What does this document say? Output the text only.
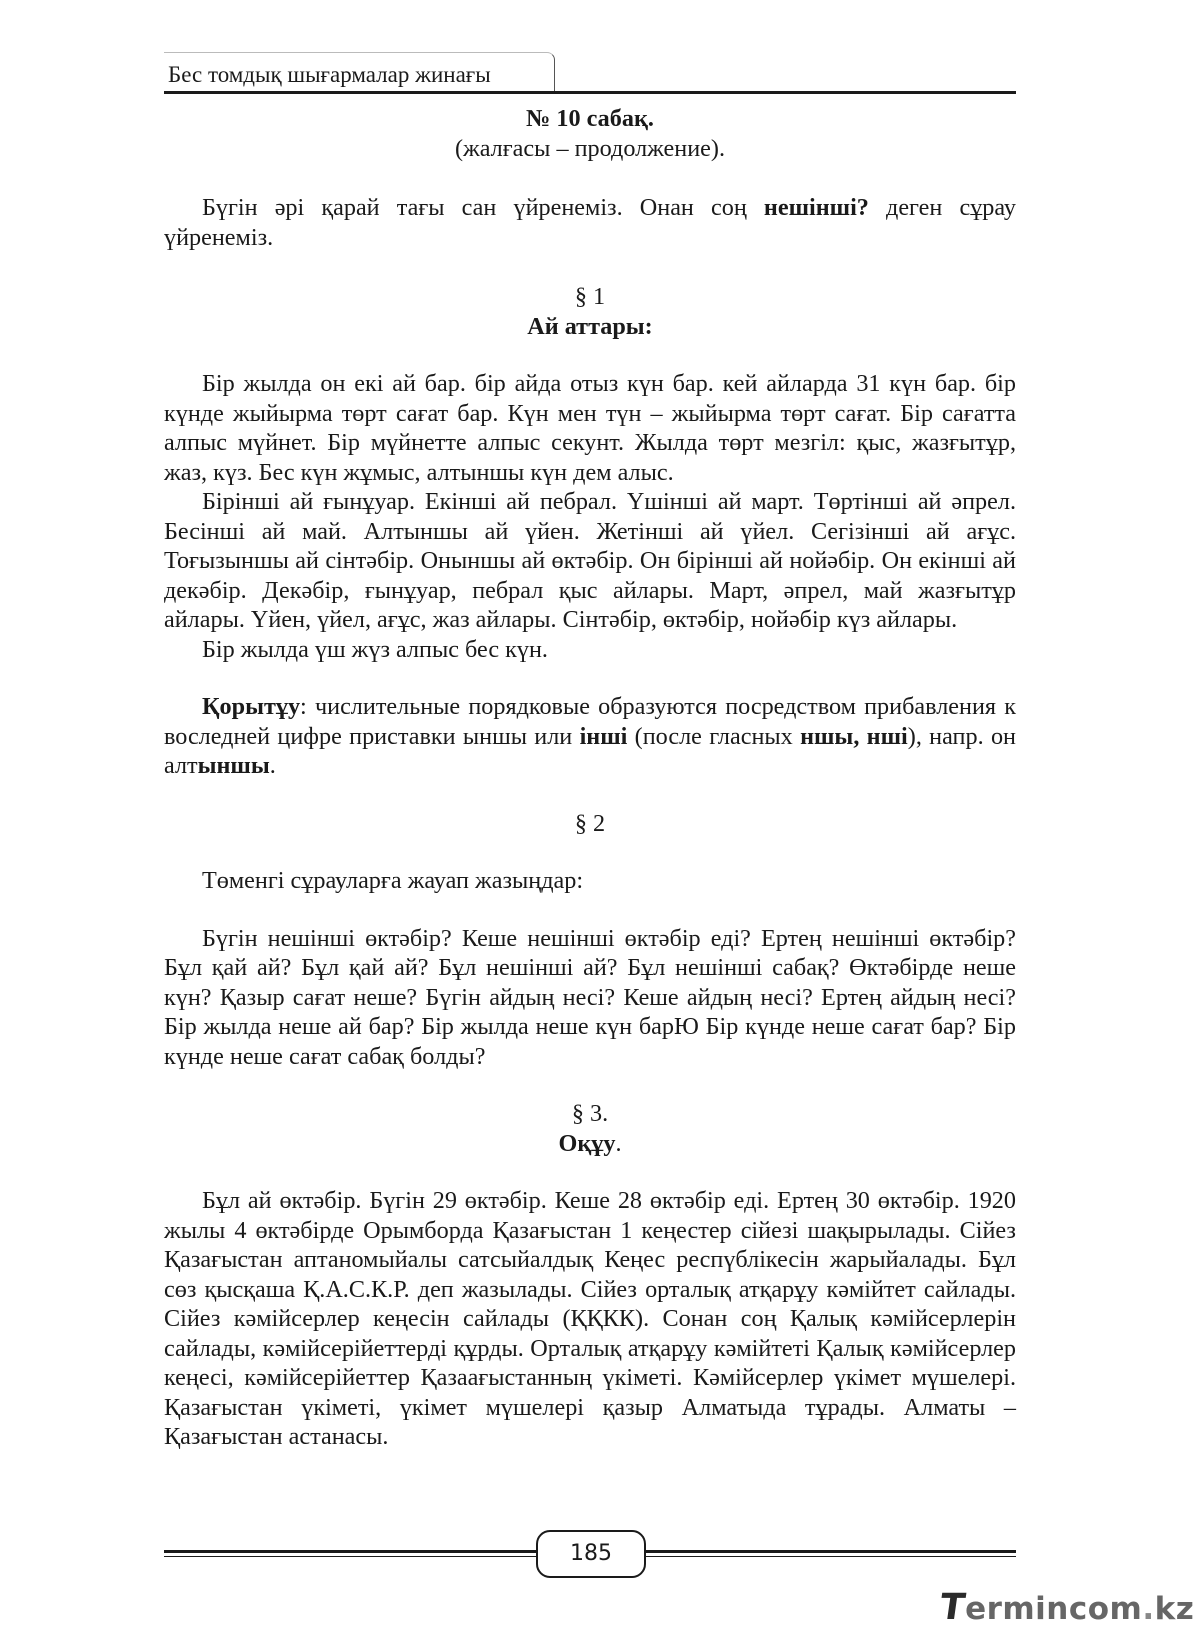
Бес томдық шығармалар жинағы
№ 10 сабақ.
(жалғасы – продолжение).

Бүгін әрі қарай тағы сан үйренеміз. Онан соң нешінші? деген сұрау үйренеміз.

§ 1
Ай аттары:

Бір жылда он екі ай бар. бір айда отыз күн бар. кей айларда 31 күн бар. бір күнде жыйырма төрт сағат бар. Күн мен түн – жыйырма төрт сағат. Бір сағатта алпыс мүйнет. Бір мүйнетте алпыс секунт. Жылда төрт мезгіл: қыс, жазғытұр, жаз, күз. Бес күн жұмыс, алтыншы күн дем алыс.

Бірінші ай ғынұуар. Екінші ай пебрал. Үшінші ай март. Төртінші ай әпрел. Бесінші ай май. Алтыншы ай үйен. Жетінші ай үйел. Сегізінші ай ағұс. Тоғызыншы ай сінтәбір. Оныншы ай өктәбір. Он бірінші ай нойәбір. Он екінші ай декәбір. Декәбір, ғынұуар, пебрал қыс айлары. Март, әпрел, май жазғытұр айлары. Үйен, үйел, ағұс, жаз айлары. Сінтәбір, өктәбір, нойәбір күз айлары.

Бір жылда үш жүз алпыс бес күн.

Қорытұу: числительные порядковые образуются посредством прибавления к воследней цифре приставки ыншы или інші (после гласных ншы, нші), напр. он алтыншы.

§ 2

Төменгі сұрауларға жауап жазыңдар:

Бүгін нешінші өктәбір? Кеше нешінші өктәбір еді? Ертең нешінші өктәбір? Бұл қай ай? Бұл қай ай? Бұл нешінші ай? Бұл нешінші сабақ? Өктәбірде неше күн? Қазыр сағат неше? Бүгін айдың несі? Кеше айдың несі? Ертең айдың несі? Бір жылда неше ай бар? Бір жылда неше күн барЮ Бір күнде неше сағат бар? Бір күнде неше сағат сабақ болды?

§ 3.
Оқұу.

Бұл ай өктәбір. Бүгін 29 өктәбір. Кеше 28 өктәбір еді. Ертең 30 өктәбір. 1920 жылы 4 өктәбірде Орымборда Қазағыстан 1 кеңестер сійезі шақырылады. Сійез Қазағыстан аптаномыйалы сатсыйалдық Кеңес респүблікесін жарыйалады. Бұл сөз қысқаша Қ.А.С.К.Р. деп жазылады. Сійез орталық атқарұу кәмійтет сайлады. Сійез кәмійсерлер кеңесін сайлады (ҚҚКК). Сонан соң Қалық кәмійсерлерін сайлады, кәмійсерійеттерді құрды. Орталық атқарұу кәмійтеті Қалық кәмійсерлер кеңесі, кәмійсерійеттер Қазаағыстанның үкіметі. Кәмійсерлер үкімет мүшелері. Қазағыстан үкіметі, үкімет мүшелері қазыр Алматыда тұрады. Алматы – Қазағыстан астанасы.

185
Termincom.kz
